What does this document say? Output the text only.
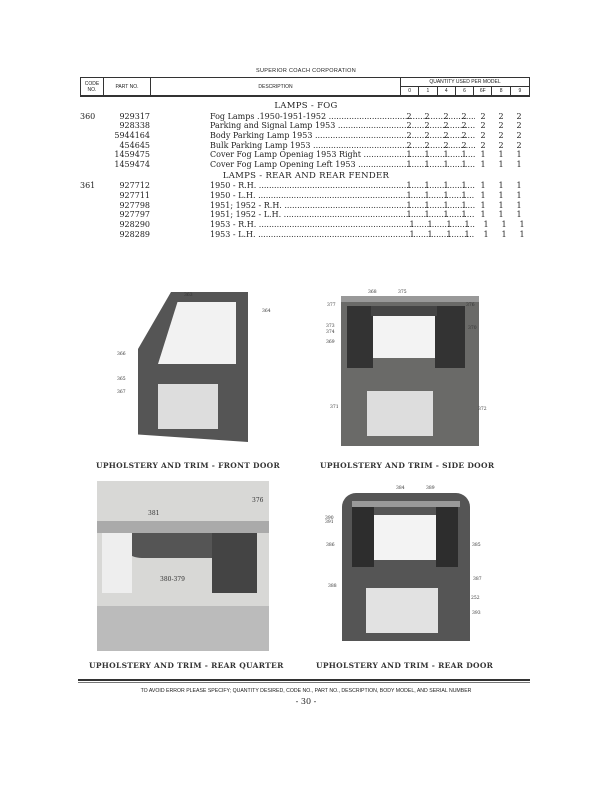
SUPERIOR COACH CORPORATION
CODE NO.	PART NO.	DESCRIPTION
QUANTITY USED PER MODEL
0	1	4	6	6F	8	9
LAMPS - FOG
360	929317	Fog Lamps .1950-1951-1952 .....	2	2	2	2	2	2	2
928338	Parking and Signal Lamp 1953 .....	2	2	2	2	2	2	2
5944164	Body Parking Lamp 1953 .....	2	2	2	2	2	2	2
454645	Bulk Parking Lamp 1953 .....	2	2	2	2	2	2	2
1459475	Cover Fog Lamp Openiag 1953 Right .....	1	1	1	1	1	1	1
1459474	Cover Fog Lamp Opening Left 1953 .....	1	1	1	1	1	1	1
LAMPS - REAR AND REAR FENDER
361	927712	1950 - R.H. .....	1	1	1	1	1	1	1
927711	1950 - L.H. .....	1	1	1	1	1	1	1
927798	1951; 1952 - R.H. .....	1	1	1	1	1	1	1
927797	1951; 1952 - L.H. .....	1	1	1	1	1	1	1
928290	1953 - R.H. .....	1	1	1	1	1	1	1
928289	1953 - L.H. .....	1	1	1	1	1	1	1
363
364
366
365
367
368	375
377	376
373
374
369
370
371	372
381
376
380-379
384	389
390
391
386	385
387
388
252
393
UPHOLSTERY AND TRIM - FRONT DOOR	UPHOLSTERY AND TRIM - SIDE DOOR
UPHOLSTERY AND TRIM - REAR QUARTER	UPHOLSTERY AND TRIM - REAR DOOR
TO AVOID ERROR PLEASE SPECIFY; QUANTITY DESIRED, CODE NO., PART NO., DESCRIPTION, BODY MODEL, AND SERIAL NUMBER
- 30 -
